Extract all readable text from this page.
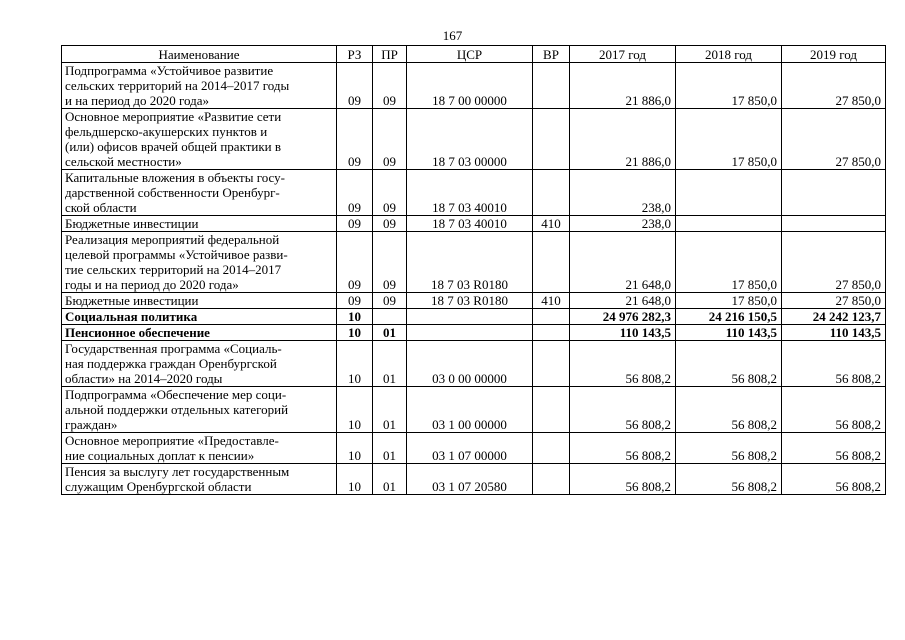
167
Наименование	РЗ	ПР	ЦСР	ВР	2017 год	2018 год	2019 год
Подпрограмма «Устойчивое развитие
сельских территорий на 2014–2017 годы
и на период до 2020 года»	09	09	18 7 00 00000		21 886,0	17 850,0	27 850,0
Основное мероприятие «Развитие сети
фельдшерско-акушерских пунктов и
(или) офисов врачей общей практики в
сельской местности»	09	09	18 7 03 00000		21 886,0	17 850,0	27 850,0
Капитальные вложения в объекты госу-
дарственной собственности Оренбург-
ской области	09	09	18 7 03 40010		238,0		
Бюджетные инвестиции	09	09	18 7 03 40010	410	238,0		
Реализация мероприятий федеральной
целевой программы «Устойчивое разви-
тие сельских территорий на 2014–2017
годы и на период до 2020 года»	09	09	18 7 03 R0180		21 648,0	17 850,0	27 850,0
Бюджетные инвестиции	09	09	18 7 03 R0180	410	21 648,0	17 850,0	27 850,0
Социальная политика	10				24 976 282,3	24 216 150,5	24 242 123,7
Пенсионное обеспечение	10	01			110 143,5	110 143,5	110 143,5
Государственная программа «Социаль-
ная поддержка граждан Оренбургской
области» на 2014–2020 годы	10	01	03 0 00 00000		56 808,2	56 808,2	56 808,2
Подпрограмма «Обеспечение мер соци-
альной поддержки отдельных категорий
граждан»	10	01	03 1 00 00000		56 808,2	56 808,2	56 808,2
Основное мероприятие «Предоставле-
ние социальных доплат к пенсии»	10	01	03 1 07 00000		56 808,2	56 808,2	56 808,2
Пенсия за выслугу лет государственным
служащим Оренбургской области	10	01	03 1 07 20580		56 808,2	56 808,2	56 808,2
